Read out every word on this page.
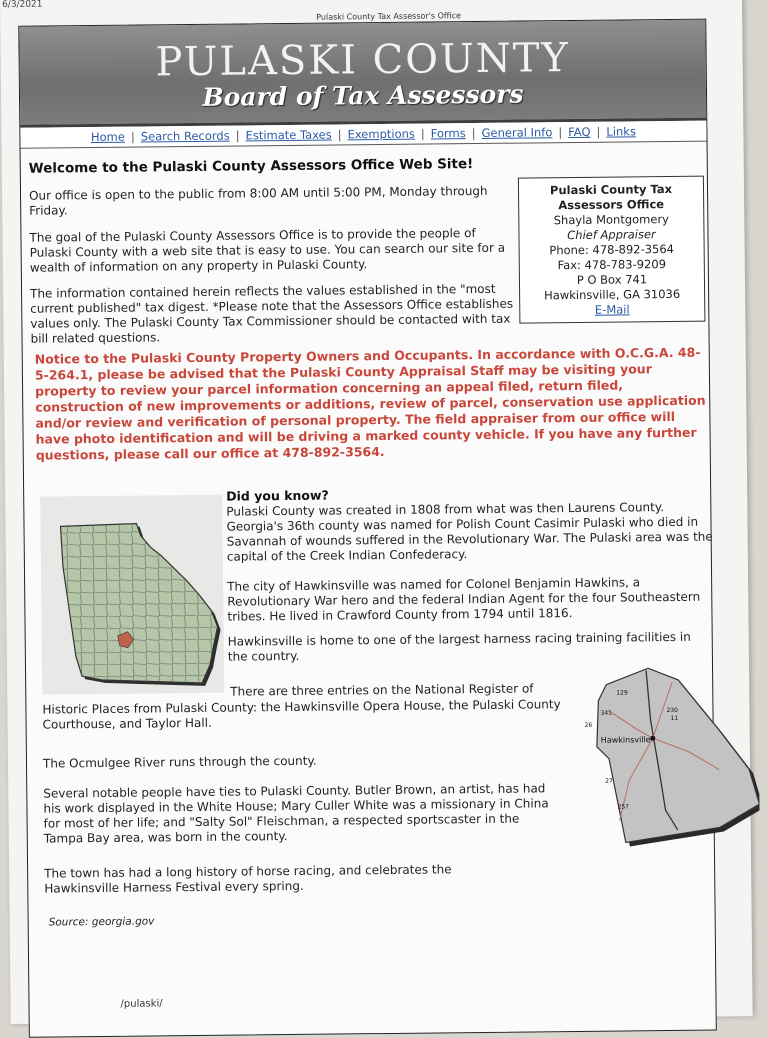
6/3/2021
Pulaski County Tax Assessor's Office
PULASKI COUNTY
Board of Tax Assessors
Home | Search Records | Estimate Taxes | Exemptions | Forms | General Info | FAQ | Links
Welcome to the Pulaski County Assessors Office Web Site!
Our office is open to the public from 8:00 AM until 5:00 PM, Monday through Friday.
The goal of the Pulaski County Assessors Office is to provide the people of Pulaski County with a web site that is easy to use. You can search our site for a wealth of information on any property in Pulaski County.
The information contained herein reflects the values established in the "most current published" tax digest. *Please note that the Assessors Office establishes values only. The Pulaski County Tax Commissioner should be contacted with tax bill related questions.
Pulaski County Tax Assessors Office
Shayla Montgomery
Chief Appraiser
Phone: 478-892-3564
Fax: 478-783-9209
P O Box 741
Hawkinsville, GA 31036
E-Mail
Notice to the Pulaski County Property Owners and Occupants. In accordance with O.C.G.A. 48-5-264.1, please be advised that the Pulaski County Appraisal Staff may be visiting your property to review your parcel information concerning an appeal filed, return filed, construction of new improvements or additions, review of parcel, conservation use application and/or review and verification of personal property. The field appraiser from our office will have photo identification and will be driving a marked county vehicle. If you have any further questions, please call our office at 478-892-3564.
Did you know?
Pulaski County was created in 1808 from what was then Laurens County. Georgia's 36th county was named for Polish Count Casimir Pulaski who died in Savannah of wounds suffered in the Revolutionary War. The Pulaski area was the capital of the Creek Indian Confederacy.
The city of Hawkinsville was named for Colonel Benjamin Hawkins, a Revolutionary War hero and the federal Indian Agent for the four Southeastern tribes. He lived in Crawford County from 1794 until 1816.
Hawkinsville is home to one of the largest harness racing training facilities in the country.
There are three entries on the National Register of
Historic Places from Pulaski County: the Hawkinsville Opera House, the Pulaski County Courthouse, and Taylor Hall.
The Ocmulgee River runs through the county.
Several notable people have ties to Pulaski County. Butler Brown, an artist, has had his work displayed in the White House; Mary Culler White was a missionary in China for most of her life; and "Salty Sol" Fleischman, a respected sportscaster in the Tampa Bay area, was born in the county.
The town has had a long history of horse racing, and celebrates the Hawkinsville Harness Festival every spring.
Source: georgia.gov
Hawkinsville
129
341
26
11
230
27
257
/pulaski/
